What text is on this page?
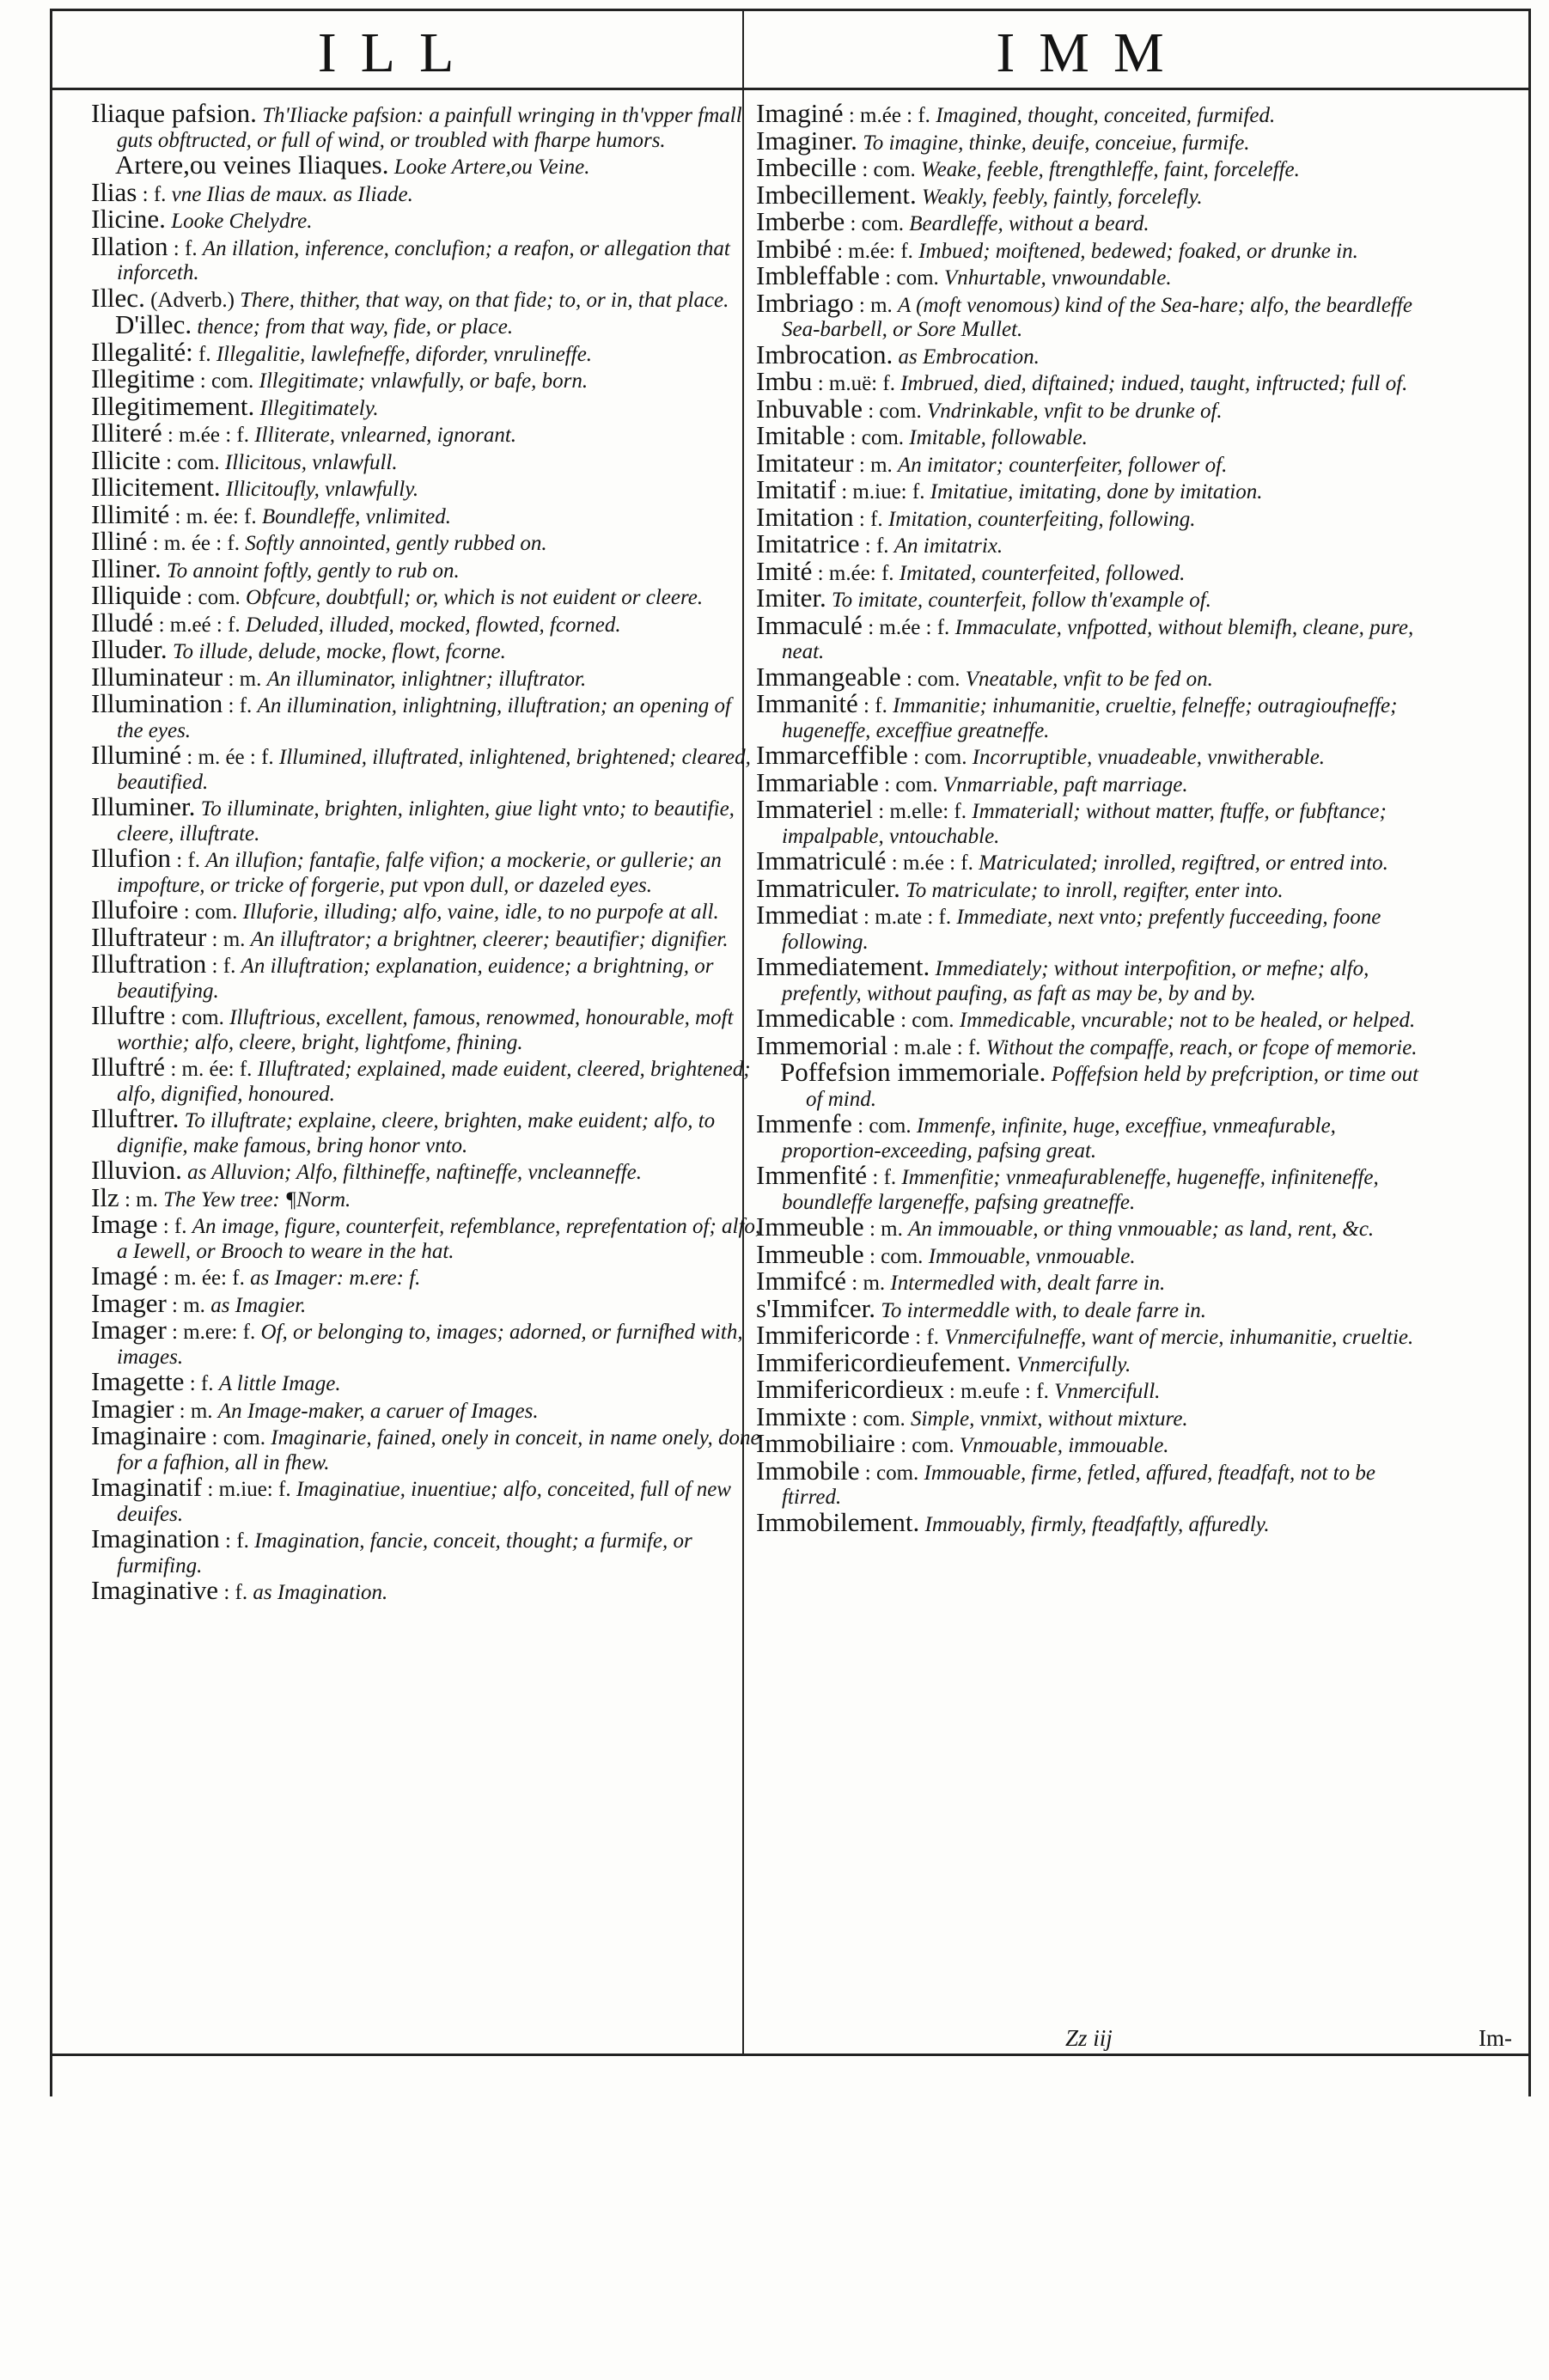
ILL	IMM

Iliaque pafsion. Th'Iliacke pafsion: a painfull wringing in th'vpper fmall guts obftructed, or full of wind, or troubled with fharpe humors.

Artere,ou veines Iliaques. Looke Artere,ou Veine.

Ilias : f. vne Ilias de maux. as Iliade.

Ilicine. Looke Chelydre.

Illation : f. An illation, inference, conclufion; a reafon, or allegation that inforceth.

Illec. (Adverb.) There, thither, that way, on that fide; to, or in, that place.

D'illec. thence; from that way, fide, or place.

Illegalité: f. Illegalitie, lawlefneffe, diforder, vnrulineffe.

Illegitime : com. Illegitimate; vnlawfully, or bafe, born.

Illegitimement. Illegitimately.

Illiteré : m.ée : f. Illiterate, vnlearned, ignorant.

Illicite : com. Illicitous, vnlawfull.

Illicitement. Illicitoufly, vnlawfully.

Illimité : m. ée: f. Boundleffe, vnlimited.

Illiné : m. ée : f. Softly annointed, gently rubbed on.

Illiner. To annoint foftly, gently to rub on.

Illiquide : com. Obfcure, doubtfull; or, which is not euident or cleere.

Illudé : m.eé : f. Deluded, illuded, mocked, flowted, fcorned.

Illuder. To illude, delude, mocke, flowt, fcorne.

Illuminateur : m. An illuminator, inlightner; illuftrator.

Illumination : f. An illumination, inlightning, illuftration; an opening of the eyes.

Illuminé : m. ée : f. Illumined, illuftrated, inlightened, brightened; cleared, beautified.

Illuminer. To illuminate, brighten, inlighten, giue light vnto; to beautifie, cleere, illuftrate.

Illufion : f. An illufion; fantafie, falfe vifion; a mockerie, or gullerie; an impofture, or tricke of forgerie, put vpon dull, or dazeled eyes.

Illufoire : com. Illuforie, illuding; alfo, vaine, idle, to no purpofe at all.

Illuftrateur : m. An illuftrator; a brightner, cleerer; beautifier; dignifier.

Illuftration : f. An illuftration; explanation, euidence; a brightning, or beautifying.

Illuftre : com. Illuftrious, excellent, famous, renowmed, honourable, moft worthie; alfo, cleere, bright, lightfome, fhining.

Illuftré : m. ée: f. Illuftrated; explained, made euident, cleered, brightened; alfo, dignified, honoured.

Illuftrer. To illuftrate; explaine, cleere, brighten, make euident; alfo, to dignifie, make famous, bring honor vnto.

Illuvion. as Alluvion; Alfo, filthineffe, naftineffe, vncleanneffe.

Ilz : m. The Yew tree: ¶Norm.

Image : f. An image, figure, counterfeit, refemblance, reprefentation of; alfo, a Iewell, or Brooch to weare in the hat.

Imagé : m. ée: f. as Imager: m.ere: f.

Imager : m. as Imagier.

Imager : m.ere: f. Of, or belonging to, images; adorned, or furnifhed with, images.

Imagette : f. A little Image.

Imagier : m. An Image-maker, a caruer of Images.

Imaginaire : com. Imaginarie, fained, onely in conceit, in name onely, done for a fafhion, all in fhew.

Imaginatif : m.iue: f. Imaginatiue, inuentiue; alfo, conceited, full of new deuifes.

Imagination : f. Imagination, fancie, conceit, thought; a furmife, or furmifing.

Imaginative : f. as Imagination.

Imaginé : m.ée : f. Imagined, thought, conceited, furmifed.

Imaginer. To imagine, thinke, deuife, conceiue, furmife.

Imbecille : com. Weake, feeble, ftrengthleffe, faint, forceleffe.

Imbecillement. Weakly, feebly, faintly, forcelefly.

Imberbe : com. Beardleffe, without a beard.

Imbibé : m.ée: f. Imbued; moiftened, bedewed; foaked, or drunke in.

Imbleffable : com. Vnhurtable, vnwoundable.

Imbriago : m. A (moft venomous) kind of the Sea-hare; alfo, the beardleffe Sea-barbell, or Sore Mullet.

Imbrocation. as Embrocation.

Imbu : m.uë: f. Imbrued, died, diftained; indued, taught, inftructed; full of.

Inbuvable : com. Vndrinkable, vnfit to be drunke of.

Imitable : com. Imitable, followable.

Imitateur : m. An imitator; counterfeiter, follower of.

Imitatif : m.iue: f. Imitatiue, imitating, done by imitation.

Imitation : f. Imitation, counterfeiting, following.

Imitatrice : f. An imitatrix.

Imité : m.ée: f. Imitated, counterfeited, followed.

Imiter. To imitate, counterfeit, follow th'example of.

Immaculé : m.ée : f. Immaculate, vnfpotted, without blemifh, cleane, pure, neat.

Immangeable : com. Vneatable, vnfit to be fed on.

Immanité : f. Immanitie; inhumanitie, crueltie, felneffe; outragioufneffe; hugeneffe, exceffiue greatneffe.

Immarceffible : com. Incorruptible, vnuadeable, vnwitherable.

Immariable : com. Vnmarriable, paft marriage.

Immateriel : m.elle: f. Immateriall; without matter, ftuffe, or fubftance; impalpable, vntouchable.

Immatriculé : m.ée : f. Matriculated; inrolled, regiftred, or entred into.

Immatriculer. To matriculate; to inroll, regifter, enter into.

Immediat : m.ate : f. Immediate, next vnto; prefently fucceeding, foone following.

Immediatement. Immediately; without interpofition, or mefne; alfo, prefently, without paufing, as faft as may be, by and by.

Immedicable : com. Immedicable, vncurable; not to be healed, or helped.

Immemorial : m.ale : f. Without the compaffe, reach, or fcope of memorie.

Poffefsion immemoriale. Poffefsion held by prefcription, or time out of mind.

Immenfe : com. Immenfe, infinite, huge, exceffiue, vnmeafurable, proportion-exceeding, pafsing great.

Immenfité : f. Immenfitie; vnmeafurableneffe, hugeneffe, infiniteneffe, boundleffe largeneffe, pafsing greatneffe.

Immeuble : m. An immouable, or thing vnmouable; as land, rent, &c.

Immeuble : com. Immouable, vnmouable.

Immifcé : m. Intermedled with, dealt farre in.

s'Immifcer. To intermeddle with, to deale farre in.

Immifericorde : f. Vnmercifulneffe, want of mercie, inhumanitie, crueltie.

Immifericordieufement. Vnmercifully.

Immifericordieux : m.eufe : f. Vnmercifull.

Immixte : com. Simple, vnmixt, without mixture.

Immobiliaire : com. Vnmouable, immouable.

Immobile : com. Immouable, firme, fetled, affured, fteadfaft, not to be ftirred.

Immobilement. Immouably, firmly, fteadfaftly, affuredly.

Zz iij	Im-
